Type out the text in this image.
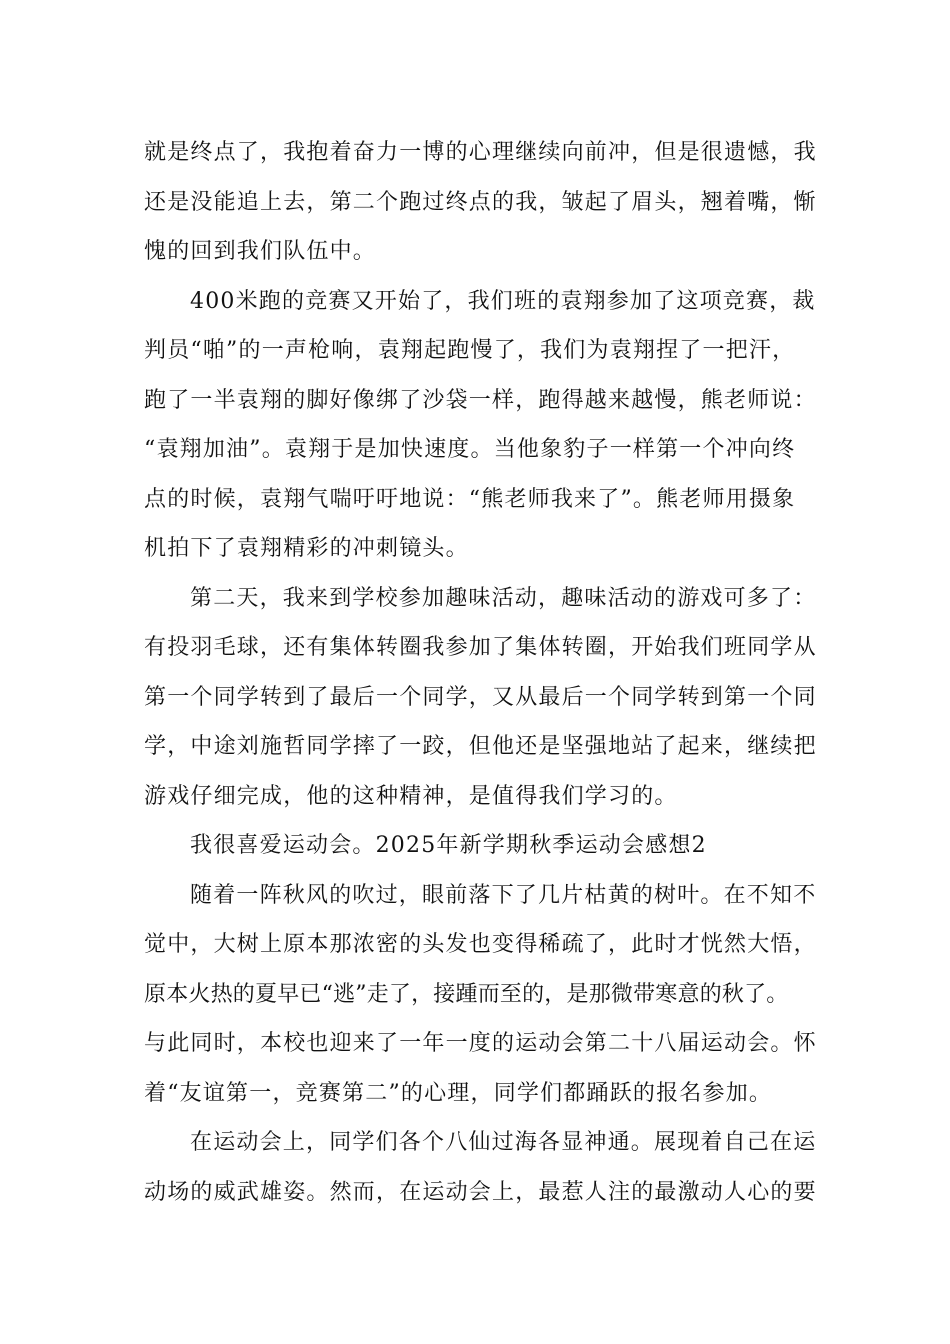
就是终点了，我抱着奋力一博的心理继续向前冲，但是很遗憾，我
还是没能追上去，第二个跑过终点的我，皱起了眉头，翘着嘴，惭
愧的回到我们队伍中。
400米跑的竞赛又开始了，我们班的袁翔参加了这项竞赛，裁
判员“啪”的一声枪响，袁翔起跑慢了，我们为袁翔捏了一把汗，
跑了一半袁翔的脚好像绑了沙袋一样，跑得越来越慢，熊老师说：
“袁翔加油”。袁翔于是加快速度。当他象豹子一样第一个冲向终
点的时候，袁翔气喘吁吁地说：“熊老师我来了”。熊老师用摄象
机拍下了袁翔精彩的冲刺镜头。
第二天，我来到学校参加趣味活动，趣味活动的游戏可多了：
有投羽毛球，还有集体转圈我参加了集体转圈，开始我们班同学从
第一个同学转到了最后一个同学，又从最后一个同学转到第一个同
学，中途刘施哲同学摔了一跤，但他还是坚强地站了起来，继续把
游戏仔细完成，他的这种精神，是值得我们学习的。
我很喜爱运动会。2025年新学期秋季运动会感想2
随着一阵秋风的吹过，眼前落下了几片枯黄的树叶。在不知不
觉中，大树上原本那浓密的头发也变得稀疏了，此时才恍然大悟，
原本火热的夏早已“逃”走了，接踵而至的，是那微带寒意的秋了。
与此同时，本校也迎来了一年一度的运动会第二十八届运动会。怀
着“友谊第一，竞赛第二”的心理，同学们都踊跃的报名参加。
在运动会上，同学们各个八仙过海各显神通。展现着自己在运
动场的威武雄姿。然而，在运动会上，最惹人注的最激动人心的要
